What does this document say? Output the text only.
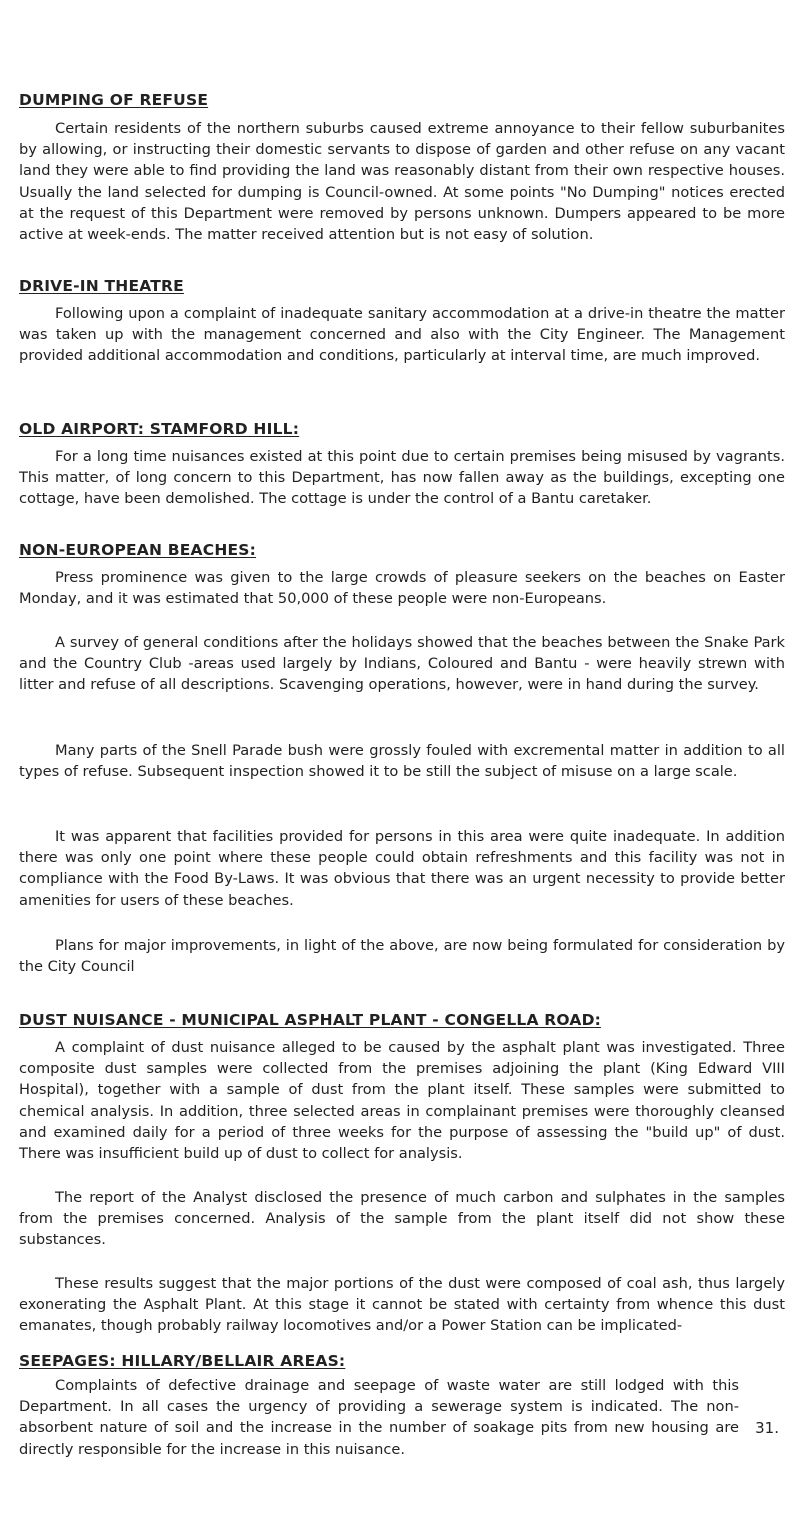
DUMPING OF REFUSE

Certain residents of the northern suburbs caused extreme annoyance to their fellow suburbanites by allowing, or instructing their domestic servants to dispose of garden and other refuse on any vacant land they were able to find providing the land was reasonably distant from their own respective houses. Usually the land selected for dumping is Council-owned. At some points "No Dumping" notices erected at the request of this Department were removed by persons unknown. Dumpers appeared to be more active at week-ends. The matter received attention but is not easy of solution.

DRIVE-IN THEATRE

Following upon a complaint of inadequate sanitary accommodation at a drive-in theatre the matter was taken up with the management concerned and also with the City Engineer. The Management provided additional accommodation and conditions, particularly at interval time, are much improved.

OLD AIRPORT: STAMFORD HILL:

For a long time nuisances existed at this point due to certain premises being misused by vagrants. This matter, of long concern to this Department, has now fallen away as the buildings, excepting one cottage, have been demolished. The cottage is under the control of a Bantu caretaker.

NON-EUROPEAN BEACHES:

Press prominence was given to the large crowds of pleasure seekers on the beaches on Easter Monday, and it was estimated that 50,000 of these people were non-Europeans.

A survey of general conditions after the holidays showed that the beaches between the Snake Park and the Country Club -areas used largely by Indians, Coloured and Bantu - were heavily strewn with litter and refuse of all descriptions. Scavenging operations, however, were in hand during the survey.

Many parts of the Snell Parade bush were grossly fouled with excremental matter in addition to all types of refuse. Subsequent inspection showed it to be still the subject of misuse on a large scale.

It was apparent that facilities provided for persons in this area were quite inadequate. In addition there was only one point where these people could obtain refreshments and this facility was not in compliance with the Food By-Laws. It was obvious that there was an urgent necessity to provide better amenities for users of these beaches.

Plans for major improvements, in light of the above, are now being formulated for consideration by the City Council

DUST NUISANCE - MUNICIPAL ASPHALT PLANT - CONGELLA ROAD:

A complaint of dust nuisance alleged to be caused by the asphalt plant was investigated. Three composite dust samples were collected from the premises adjoining the plant (King Edward VIII Hospital), together with a sample of dust from the plant itself. These samples were submitted to chemical analysis. In addition, three selected areas in complainant premises were thoroughly cleansed and examined daily for a period of three weeks for the purpose of assessing the "build up" of dust. There was insufficient build up of dust to collect for analysis.

The report of the Analyst disclosed the presence of much carbon and sulphates in the samples from the premises concerned. Analysis of the sample from the plant itself did not show these substances.

These results suggest that the major portions of the dust were composed of coal ash, thus largely exonerating the Asphalt Plant. At this stage it cannot be stated with certainty from whence this dust emanates, though probably railway locomotives and/or a Power Station can be implicated-

SEEPAGES: HILLARY/BELLAIR AREAS:

Complaints of defective drainage and seepage of waste water are still lodged with this Department. In all cases the urgency of providing a sewerage system is indicated. The non-absorbent nature of soil and the increase in the number of soakage pits from new housing are directly responsible for the increase in this nuisance.

31.
